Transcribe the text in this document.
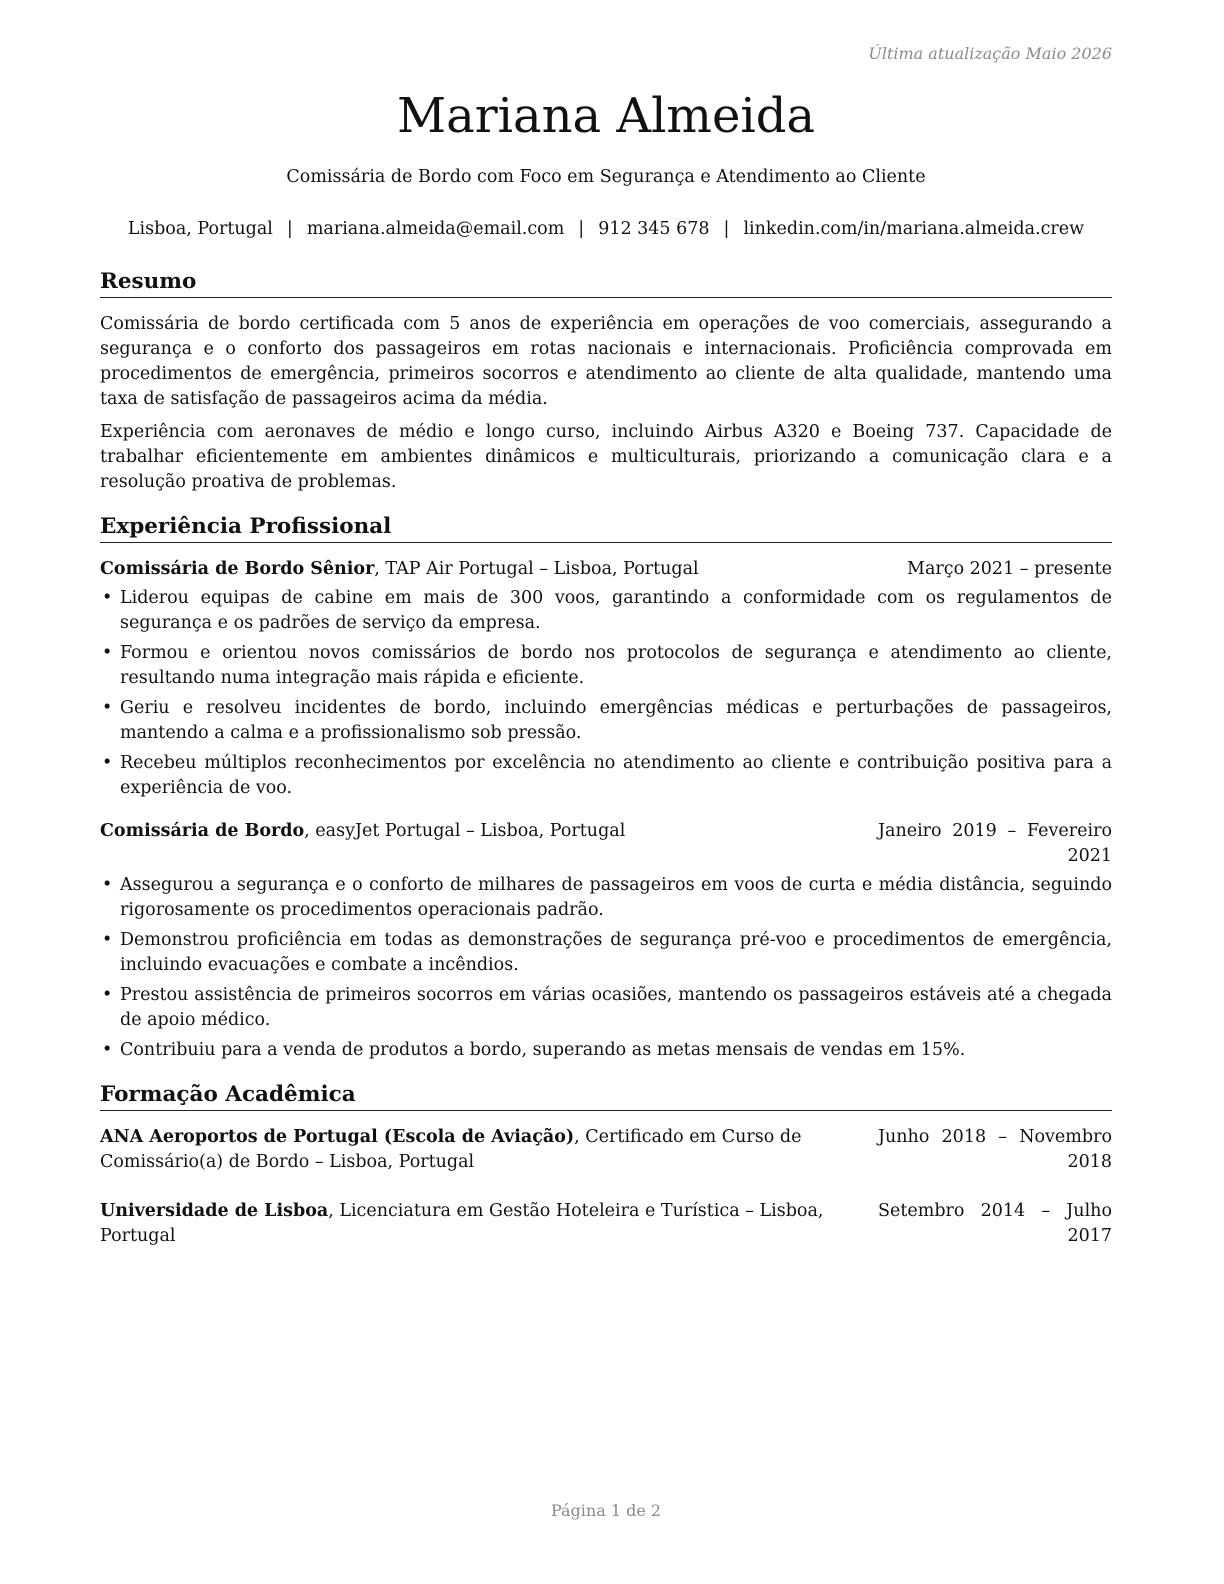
Última atualização Maio 2026
Mariana Almeida
Comissária de Bordo com Foco em Segurança e Atendimento ao Cliente
Lisboa, Portugal | mariana.almeida@email.com | 912 345 678 | linkedin.com/in/mariana.almeida.crew
Resumo

Comissária de bordo certificada com 5 anos de experiência em operações de voo comerciais, assegurando a segurança e o conforto dos passageiros em rotas nacionais e internacionais. Proficiência comprovada em procedimentos de emergência, primeiros socorros e atendimento ao cliente de alta qualidade, mantendo uma taxa de satisfação de passageiros acima da média.

Experiência com aeronaves de médio e longo curso, incluindo Airbus A320 e Boeing 737. Capacidade de trabalhar eficientemente em ambientes dinâmicos e multiculturais, priorizando a comunicação clara e a resolução proativa de problemas.

Experiência Profissional
Comissária de Bordo Sênior, TAP Air Portugal – Lisboa, Portugal	Março 2021 – presente
• Liderou equipas de cabine em mais de 300 voos, garantindo a conformidade com os regulamentos de segurança e os padrões de serviço da empresa.
• Formou e orientou novos comissários de bordo nos protocolos de segurança e atendimento ao cliente, resultando numa integração mais rápida e eficiente.
• Geriu e resolveu incidentes de bordo, incluindo emergências médicas e perturbações de passageiros, mantendo a calma e a profissionalismo sob pressão.
• Recebeu múltiplos reconhecimentos por excelência no atendimento ao cliente e contribuição positiva para a experiência de voo.
Comissária de Bordo, easyJet Portugal – Lisboa, Portugal	Janeiro 2019 – Fevereiro 2021
• Assegurou a segurança e o conforto de milhares de passageiros em voos de curta e média distância, seguindo rigorosamente os procedimentos operacionais padrão.
• Demonstrou proficiência em todas as demonstrações de segurança pré-voo e procedimentos de emergência, incluindo evacuações e combate a incêndios.
• Prestou assistência de primeiros socorros em várias ocasiões, mantendo os passageiros estáveis até a chegada de apoio médico.
• Contribuiu para a venda de produtos a bordo, superando as metas mensais de vendas em 15%.
Formação Acadêmica
ANA Aeroportos de Portugal (Escola de Aviação), Certificado em Curso de Comissário(a) de Bordo – Lisboa, Portugal
Junho 2018 – Novembro 2018
Universidade de Lisboa, Licenciatura em Gestão Hoteleira e Turística – Lisboa, Portugal
Setembro 2014 – Julho 2017
Página 1 de 2
